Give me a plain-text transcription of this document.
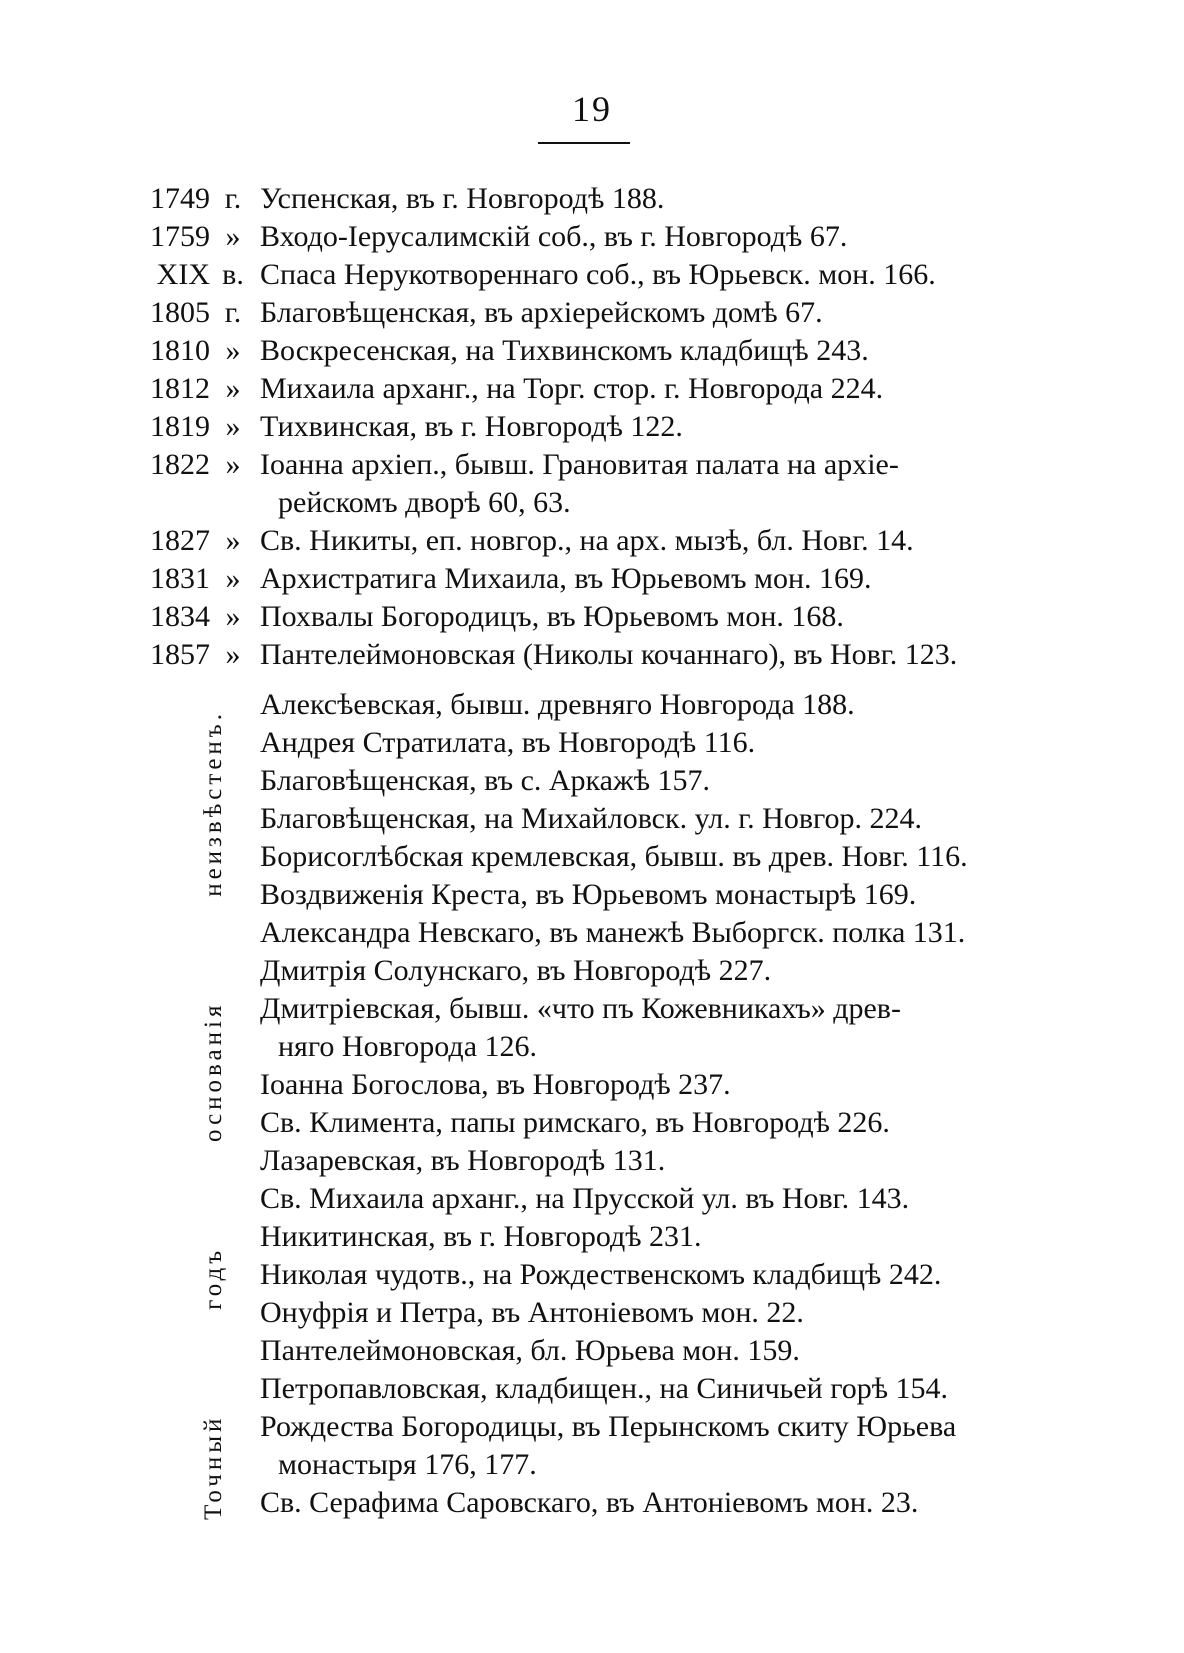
19
1749 г. Успенская, въ г. Новгородѣ 188.
1759 » Входо-Іерусалимскій соб., въ г. Новгородѣ 67.
XIX в. Спаса Нерукотвореннаго соб., въ Юрьевск. мон. 166.
1805 г. Благовѣщенская, въ архіерейскомъ домѣ 67.
1810 » Воскресенская, на Тихвинскомъ кладбищѣ 243.
1812 » Михаила арханг., на Торг. стор. г. Новгорода 224.
1819 » Тихвинская, въ г. Новгородѣ 122.
1822 » Іоанна архіеп., бывш. Грановитая палата на архіе-
рейскомъ дворѣ 60, 63.
1827 » Св. Никиты, еп. новгор., на арх. мызѣ, бл. Новг. 14.
1831 » Архистратига Михаила, въ Юрьевомъ мон. 169.
1834 » Похвалы Богородицъ, въ Юрьевомъ мон. 168.
1857 » Пантелеймоновская (Николы кочаннаго), въ Новг. 123.
Алексѣевская, бывш. древняго Новгорода 188.
Андрея Стратилата, въ Новгородѣ 116.
Благовѣщенская, въ с. Аркажѣ 157.
Благовѣщенская, на Михайловск. ул. г. Новгор. 224.
Борисоглѣбская кремлевская, бывш. въ древ. Новг. 116.
Воздвиженія Креста, въ Юрьевомъ монастырѣ 169.
Александра Невскаго, въ манежѣ Выборгск. полка 131.
Дмитрія Солунскаго, въ Новгородѣ 227.
Дмитріевская, бывш. «что пъ Кожевникахъ» древ-
няго Новгорода 126.
Іоанна Богослова, въ Новгородѣ 237.
Св. Климента, папы римскаго, въ Новгородѣ 226.
Лазаревская, въ Новгородѣ 131.
Св. Михаила арханг., на Прусской ул. въ Новг. 143.
Никитинская, въ г. Новгородѣ 231.
Николая чудотв., на Рождественскомъ кладбищѣ 242.
Онуфрія и Петра, въ Антоніевомъ мон. 22.
Пантелеймоновская, бл. Юрьева мон. 159.
Петропавловская, кладбищен., на Синичьей горѣ 154.
Рождества Богородицы, въ Перынскомъ скиту Юрьева
монастыря 176, 177.
Св. Серафима Саровскаго, въ Антоніевомъ мон. 23.
Точный годъ основанія неизвѣстенъ.
